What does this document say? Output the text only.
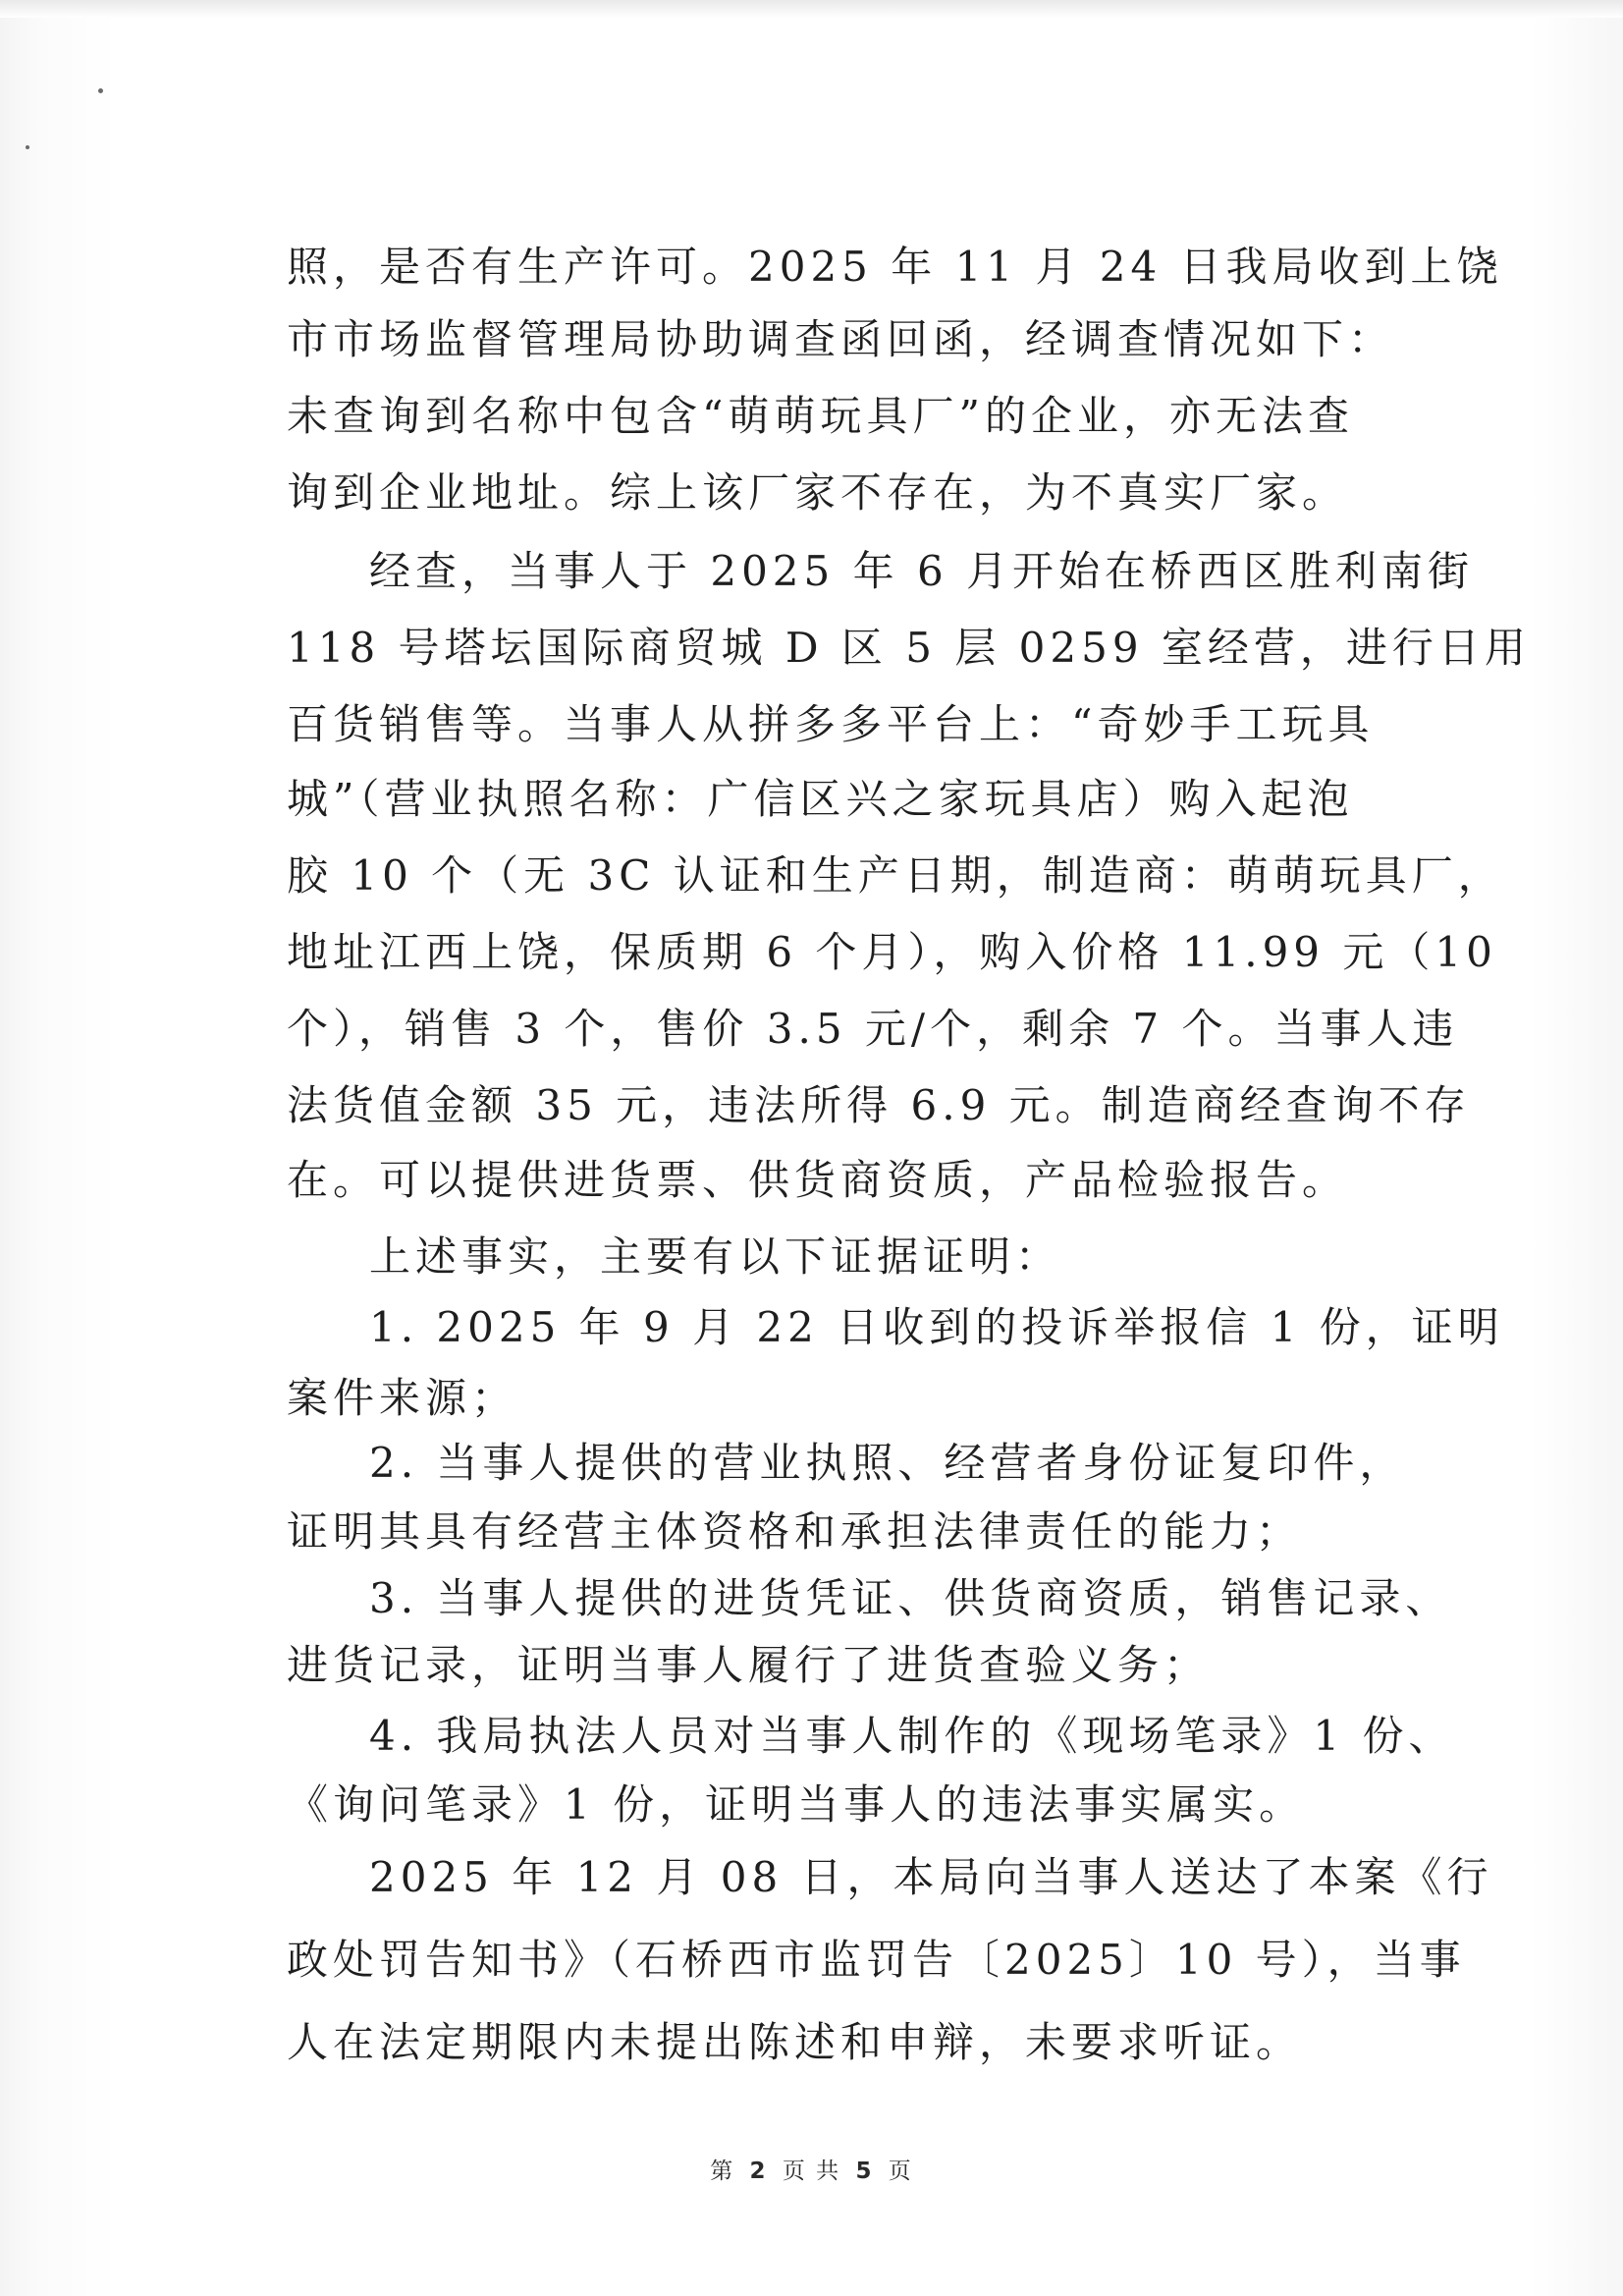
照，是否有生产许可。2025 年 11 月 24 日我局收到上饶
市市场监督管理局协助调查函回函，经调查情况如下：
未查询到名称中包含“萌萌玩具厂”的企业，亦无法查
询到企业地址。综上该厂家不存在，为不真实厂家。
经查，当事人于 2025 年 6 月开始在桥西区胜利南街
118 号塔坛国际商贸城 D 区 5 层 0259 室经营，进行日用
百货销售等。当事人从拼多多平台上：“奇妙手工玩具
城”（营业执照名称：广信区兴之家玩具店）购入起泡
胶 10 个（无 3C 认证和生产日期，制造商：萌萌玩具厂，
地址江西上饶，保质期 6 个月），购入价格 11.99 元（10
个），销售 3 个，售价 3.5 元/个，剩余 7 个。当事人违
法货值金额 35 元，违法所得 6.9 元。制造商经查询不存
在。可以提供进货票、供货商资质，产品检验报告。
上述事实，主要有以下证据证明：
1. 2025 年 9 月 22 日收到的投诉举报信 1 份，证明
案件来源；
2. 当事人提供的营业执照、经营者身份证复印件，
证明其具有经营主体资格和承担法律责任的能力；
3. 当事人提供的进货凭证、供货商资质，销售记录、
进货记录，证明当事人履行了进货查验义务；
4. 我局执法人员对当事人制作的《现场笔录》1 份、
《询问笔录》1 份，证明当事人的违法事实属实。
2025 年 12 月 08 日，本局向当事人送达了本案《行
政处罚告知书》（石桥西市监罚告〔2025〕10 号），当事
人在法定期限内未提出陈述和申辩，未要求听证。
第 2 页 共 5 页
